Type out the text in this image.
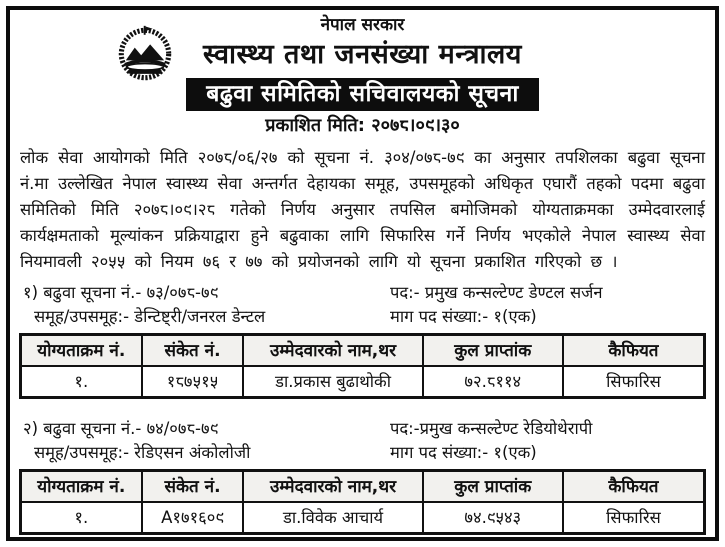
नेपाल सरकार
स्वास्थ्य तथा जनसंख्या मन्त्रालय
बढुवा समितिको सचिवालयको सूचना
प्रकाशित मिति: २०७८।०९।३०
लोक सेवा आयोगको मिति २०७८/०६/२७ को सूचना नं. ३०४/०७८-७९ का अनुसार तपशिलका बढुवा सूचना नं.मा उल्लेखित नेपाल स्वास्थ्य सेवा अन्तर्गत देहायका समूह, उपसमूहको अधिकृत एघारौं तहको पदमा बढुवा समितिको मिति २०७८।०९।२८ गतेको निर्णय अनुसार तपसिल बमोजिमको योग्यताक्रमका उम्मेदवारलाई कार्यक्षमताको मूल्यांकन प्रक्रियाद्वारा हुने बढुवाका लागि सिफारिस गर्ने निर्णय भएकोले नेपाल स्वास्थ्य सेवा नियमावली २०५५ को नियम ७६ र ७७ को प्रयोजनको लागि यो सूचना प्रकाशित गरिएको छ ।
१) बढुवा सूचना नं.- ७३/०७८-७९	पद:- प्रमुख कन्सल्टेण्ट डेण्टल सर्जन
समूह/उपसमूह:- डेन्टिष्ट्री/जनरल डेन्टल	माग पद संख्या:- १(एक)
योग्यताक्रम नं.	संकेत नं.	उम्मेदवारको नाम,थर	कुल प्राप्तांक	कैफियत
१.	१८७५१५	डा.प्रकास बुढाथोकी	७२.८११४	सिफारिस
२) बढुवा सूचना नं.- ७४/०७८-७९	पद:-प्रमुख कन्सल्टेण्ट रेडियोथेरापी
समूह/उपसमूह:- रेडिएसन अंकोलोजी	माग पद संख्या:- १(एक)
योग्यताक्रम नं.	संकेत नं.	उम्मेदवारको नाम,थर	कुल प्राप्तांक	कैफियत
१.	A१७१६०९	डा.विवेक आचार्य	७४.९५४३	सिफारिस
